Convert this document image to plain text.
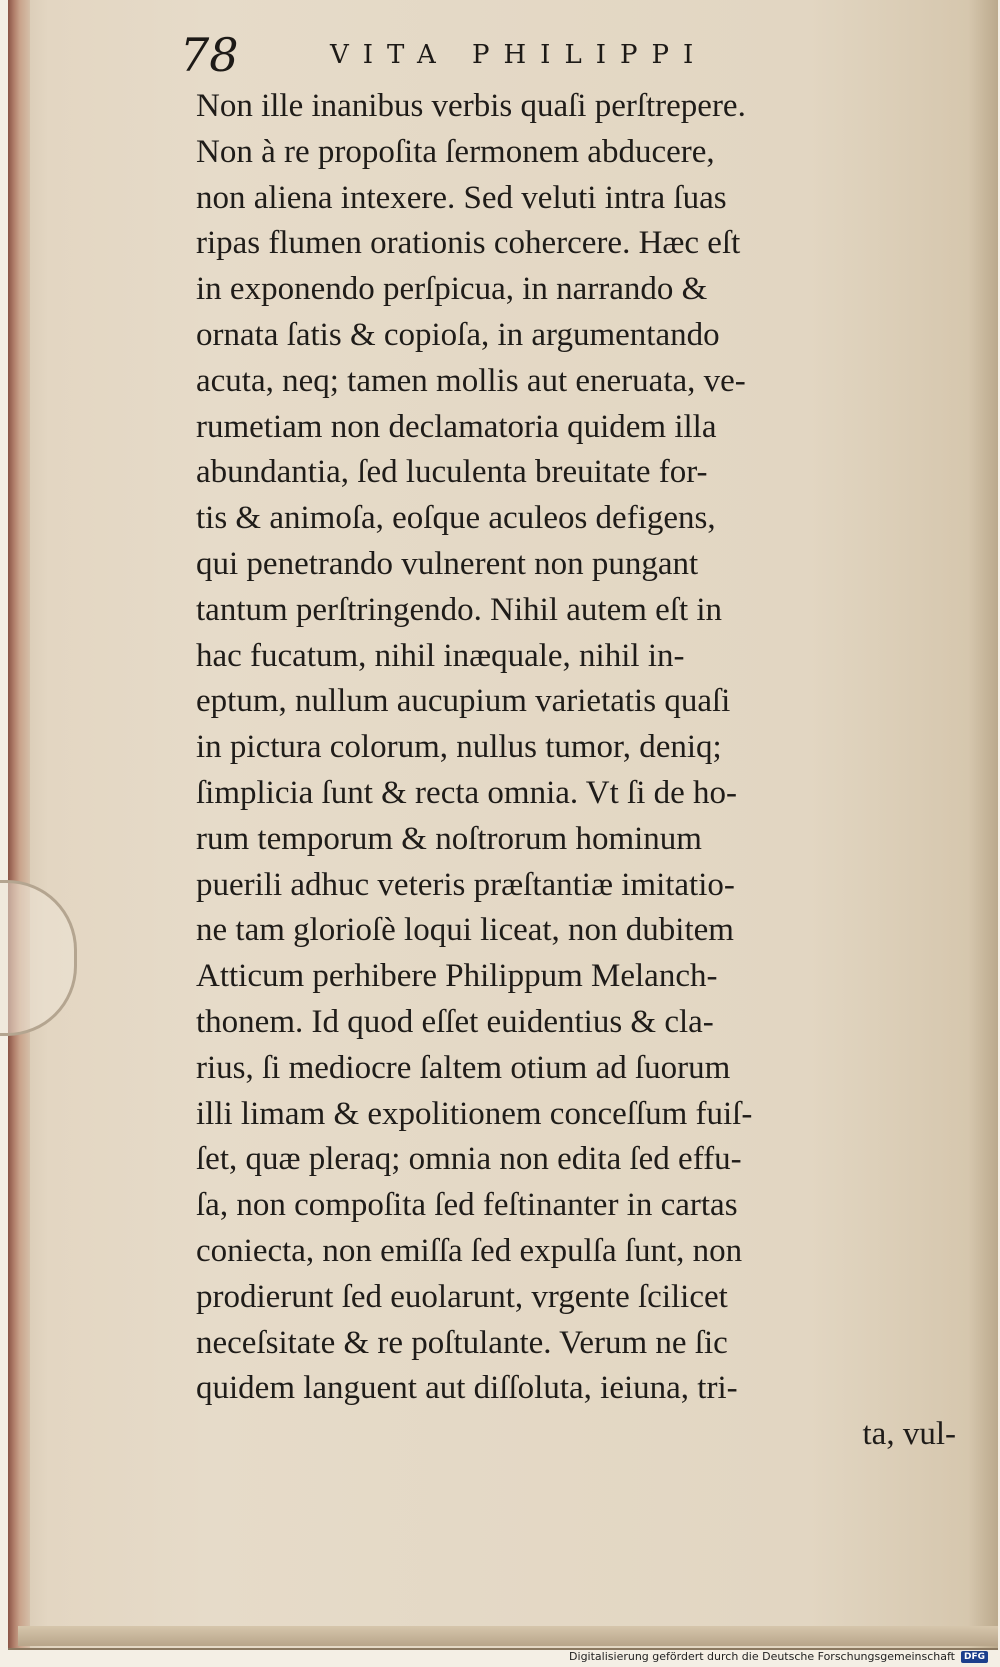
78	VITA PHILIPPI
Non ille inanibus verbis quaſi perſtrepere.
Non à re propoſita ſermonem abducere,
non aliena intexere. Sed veluti intra ſuas
ripas flumen orationis cohercere. Hæc eſt
in exponendo perſpicua, in narrando &
ornata ſatis & copioſa, in argumentando
acuta, neq; tamen mollis aut eneruata, ve-
rumetiam non declamatoria quidem illa
abundantia, ſed luculenta breuitate for-
tis & animoſa, eoſque aculeos defigens,
qui penetrando vulnerent non pungant
tantum perſtringendo. Nihil autem eſt in
hac fucatum, nihil inæquale, nihil in-
eptum, nullum aucupium varietatis quaſi
in pictura colorum, nullus tumor, deniq;
ſimplicia ſunt & recta omnia. Vt ſi de ho-
rum temporum & noſtrorum hominum
puerili adhuc veteris præſtantiæ imitatio-
ne tam glorioſè loqui liceat, non dubitem
Atticum perhibere Philippum Melanch-
thonem. Id quod eſſet euidentius & cla-
rius, ſi mediocre ſaltem otium ad ſuorum
illi limam & expolitionem conceſſum fuiſ-
ſet, quæ pleraq; omnia non edita ſed effu-
ſa, non compoſita ſed feſtinanter in cartas
coniecta, non emiſſa ſed expulſa ſunt, non
prodierunt ſed euolarunt, vrgente ſcilicet
neceſsitate & re poſtulante. Verum ne ſic
quidem languent aut diſſoluta, ieiuna, tri-
ta, vul-
Digitalisierung gefördert durch die Deutsche Forschungsgemeinschaft	DFG
